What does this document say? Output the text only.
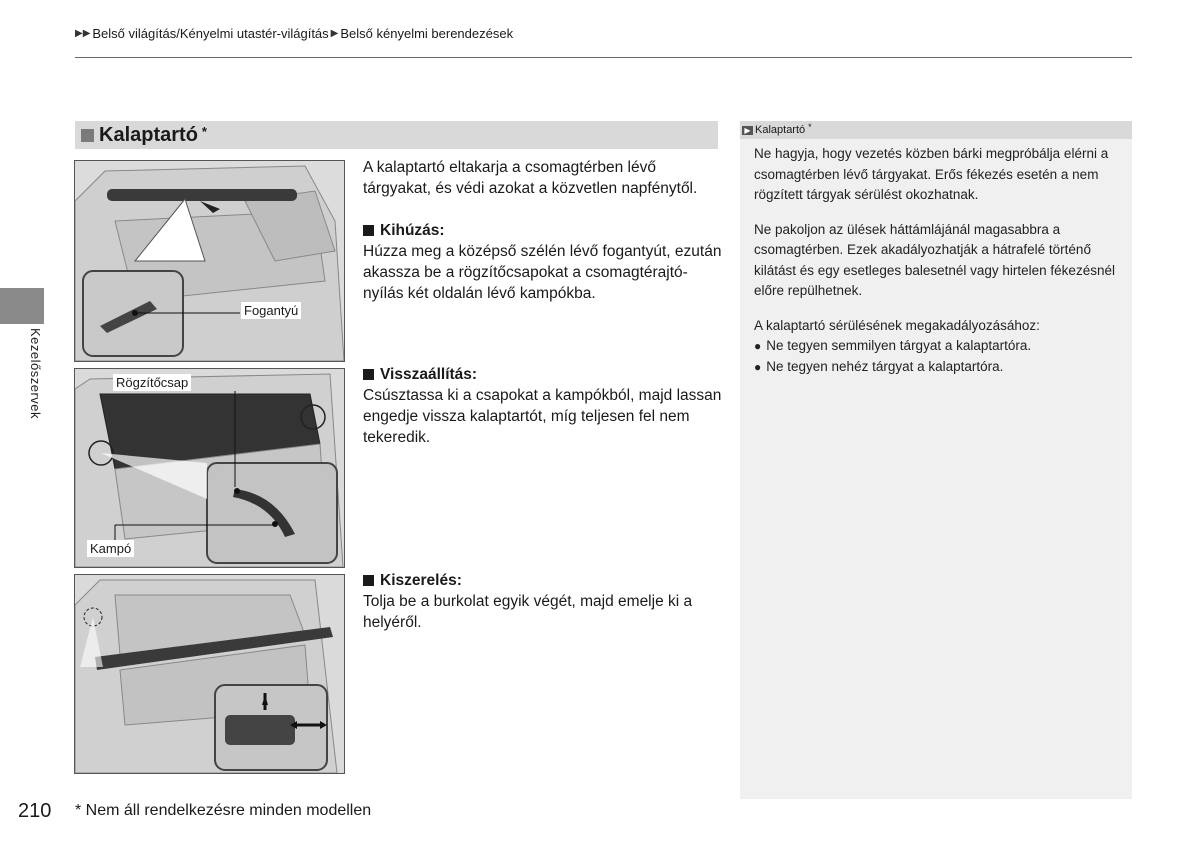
▶▶ Belső világítás/Kényelmi utastér-világítás ▶ Belső kényelmi berendezések
Kezelőszervek
Kalaptartó *
Fogantyú
Rögzítőcsap
Kampó

A kalaptartó eltakarja a csomagtérben lévő tárgyakat, és védi azokat a közvetlen napfénytől.

Kihúzás:

Húzza meg a középső szélén lévő fogantyút, ezután akassza be a rögzítőcsapokat a csomagtérajtó-nyílás két oldalán lévő kampókba.

Visszaállítás:

Csúsztassa ki a csapokat a kampókból, majd lassan engedje vissza kalaptartót, míg teljesen fel nem tekeredik.

Kiszerelés:

Tolja be a burkolat egyik végét, majd emelje ki a helyéről.

▶ Kalaptartó *

Ne hagyja, hogy vezetés közben bárki megpróbálja elérni a csomagtérben lévő tárgyakat. Erős fékezés esetén a nem rögzített tárgyak sérülést okozhatnak.

Ne pakoljon az ülések háttámlájánál magasabbra a csomagtérben. Ezek akadályozhatják a hátrafelé történő kilátást és egy esetleges balesetnél vagy hirtelen fékezésnél előre repülhetnek.

A kalaptartó sérülésének megakadályozásához:

● Ne tegyen semmilyen tárgyat a kalaptartóra.
● Ne tegyen nehéz tárgyat a kalaptartóra.
210 * Nem áll rendelkezésre minden modellen
